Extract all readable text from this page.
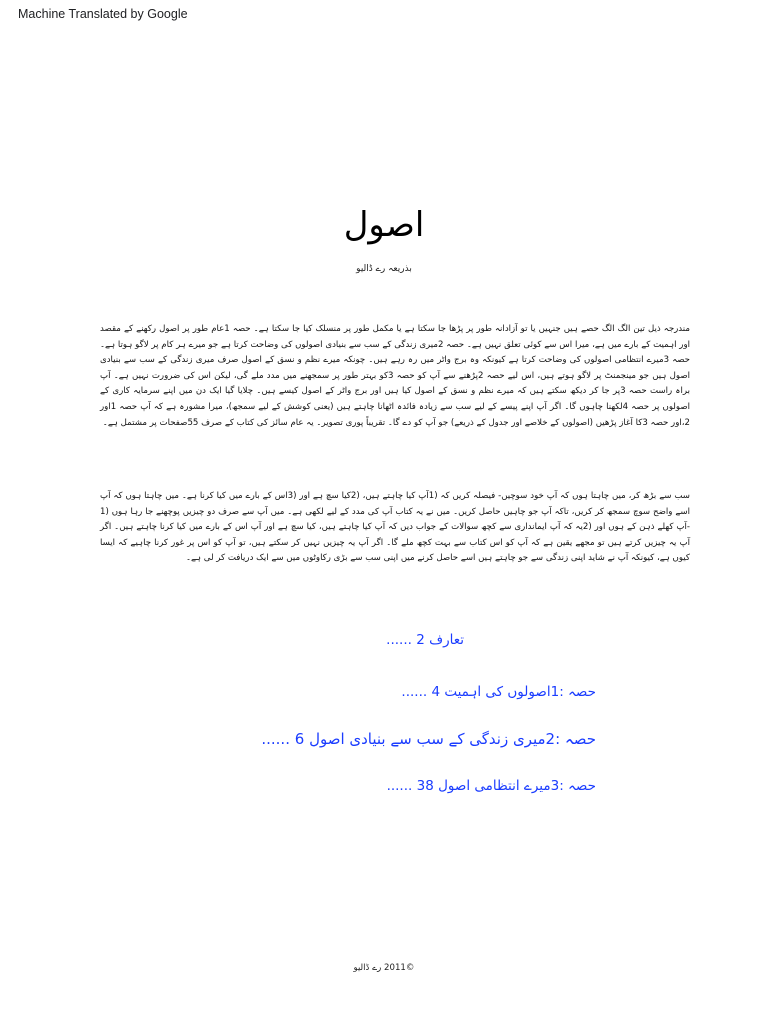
Machine Translated by Google
اصول
بذریعہ رے ڈالیو

مندرجہ ذیل تین الگ الگ حصے ہیں جنہیں یا تو آزادانہ طور پر پڑھا جا سکتا ہے یا مکمل طور پر منسلک کیا جا سکتا ہے۔ حصہ 1عام طور پر اصول رکھنے کے مقصد اور اہمیت کے بارے میں ہے، میرا اس سے کوئی تعلق نہیں ہے۔ حصہ 2میری زندگی کے سب سے بنیادی اصولوں کی وضاحت کرتا ہے جو میرے ہر کام پر لاگو ہوتا ہے۔ حصہ 3میرے انتظامی اصولوں کی وضاحت کرتا ہے کیونکہ وہ برج واٹر میں رہ رہے ہیں۔ چونکہ میرے نظم و نسق کے اصول صرف میری زندگی کے سب سے بنیادی اصول ہیں جو مینجمنٹ پر لاگو ہوتے ہیں، اس لیے حصہ 2پڑھنے سے آپ کو حصہ 3کو بہتر طور پر سمجھنے میں مدد ملے گی، لیکن اس کی ضرورت نہیں ہے۔ آپ براہ راست حصہ 3پر جا کر دیکھ سکتے ہیں کہ میرے نظم و نسق کے اصول کیا ہیں اور برج واٹر کے اصول کیسے ہیں۔ چلایا گیا ایک دن میں اپنے سرمایہ کاری کے اصولوں پر حصہ 4لکھنا چاہوں گا۔ اگر آپ اپنے پیسے کے لیے سب سے زیادہ فائدہ اٹھانا چاہتے ہیں (یعنی کوشش کے لیے سمجھ)، میرا مشورہ ہے کہ آپ حصہ 1اور 2،اور حصہ 3کا آغاز پڑھیں (اصولوں کے خلاصے اور جدول کے ذریعے) جو آپ کو دے گا۔ تقریباً پوری تصویر۔ یہ عام سائز کی کتاب کے صرف 55صفحات پر مشتمل ہے۔

سب سے بڑھ کر، میں چاہتا ہوں کہ آپ خود سوچیں- فیصلہ کریں کہ (1آپ کیا چاہتے ہیں، (2کیا سچ ہے اور (3اس کے بارے میں کیا کرنا ہے۔ میں چاہتا ہوں کہ آپ اسے واضح سوچ سمجھ کر کریں، تاکہ آپ جو چاہیں حاصل کریں۔ میں نے یہ کتاب آپ کی مدد کے لیے لکھی ہے۔ میں آپ سے صرف دو چیزیں پوچھنے جا رہا ہوں (1 -آپ کھلے ذہن کے ہوں اور (2یہ کہ آپ ایمانداری سے کچھ سوالات کے جواب دیں کہ آپ کیا چاہتے ہیں، کیا سچ ہے اور آپ اس کے بارے میں کیا کرنا چاہتے ہیں۔ اگر آپ یہ چیزیں کرتے ہیں تو مجھے یقین ہے کہ آپ کو اس کتاب سے بہت کچھ ملے گا۔ اگر آپ یہ چیزیں نہیں کر سکتے ہیں، تو آپ کو اس پر غور کرنا چاہیے کہ ایسا کیوں ہے، کیونکہ آپ نے شاید اپنی زندگی سے جو چاہتے ہیں اسے حاصل کرنے میں اپنی سب سے بڑی رکاوٹوں میں سے ایک دریافت کر لی ہے۔

تعارف 2 ......
حصہ :1اصولوں کی اہمیت 4 ......
حصہ :2میری زندگی کے سب سے بنیادی اصول 6 ......
حصہ :3میرے انتظامی اصول 38 ......
©2011 رے ڈالیو
